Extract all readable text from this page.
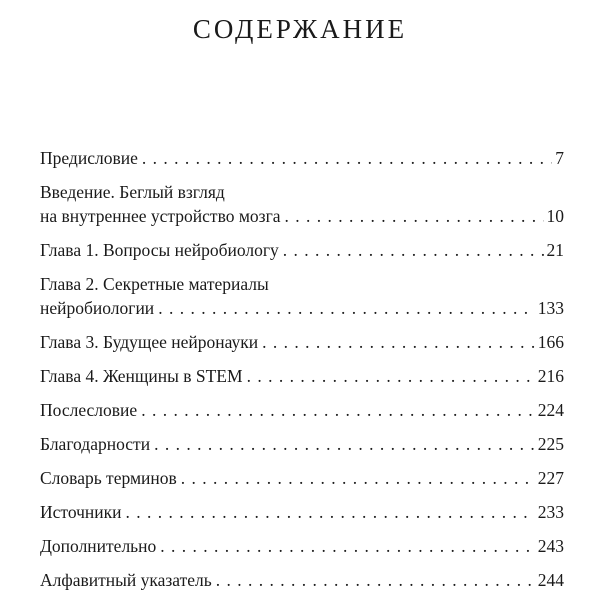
СОДЕРЖАНИЕ
Предисловие . . .	7
Введение. Беглый взгляд
на внутреннее устройство мозга . . .	10
Глава 1. Вопросы нейробиологу . . .	21
Глава 2. Секретные материалы
нейробиологии . . .	133
Глава 3. Будущее нейронауки . . .	166
Глава 4. Женщины в STEM . . .	216
Послесловие . . .	224
Благодарности . . .	225
Словарь терминов . . .	227
Источники . . .	233
Дополнительно . . .	243
Алфавитный указатель . . .	244
